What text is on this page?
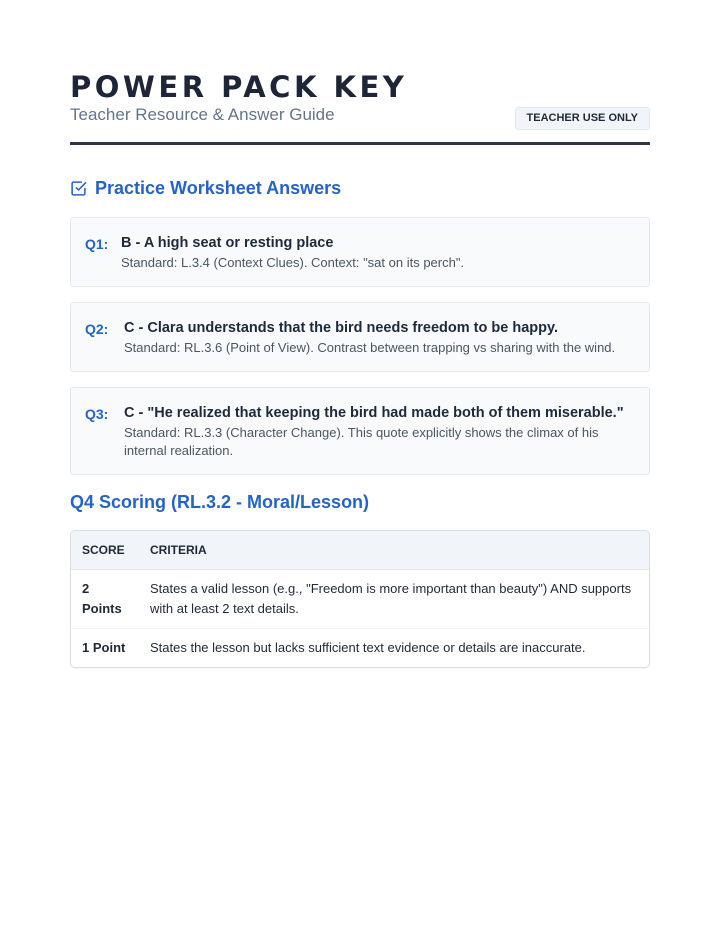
POWER PACK KEY
Teacher Resource & Answer Guide	TEACHER USE ONLY
Practice Worksheet Answers
Q1: B - A high seat or resting place
Standard: L.3.4 (Context Clues). Context: "sat on its perch".
Q2:	C - Clara understands that the bird needs freedom to be happy.
Standard: RL.3.6 (Point of View). Contrast between trapping vs sharing with the wind.
Q3:	C - "He realized that keeping the bird had made both of them miserable."
Standard: RL.3.3 (Character Change). This quote explicitly shows the climax of his internal realization.
Q4 Scoring (RL.3.2 - Moral/Lesson)
SCORE	CRITERIA
2 Points	States a valid lesson (e.g., "Freedom is more important than beauty") AND supports with at least 2 text details.
1 Point	States the lesson but lacks sufficient text evidence or details are inaccurate.
